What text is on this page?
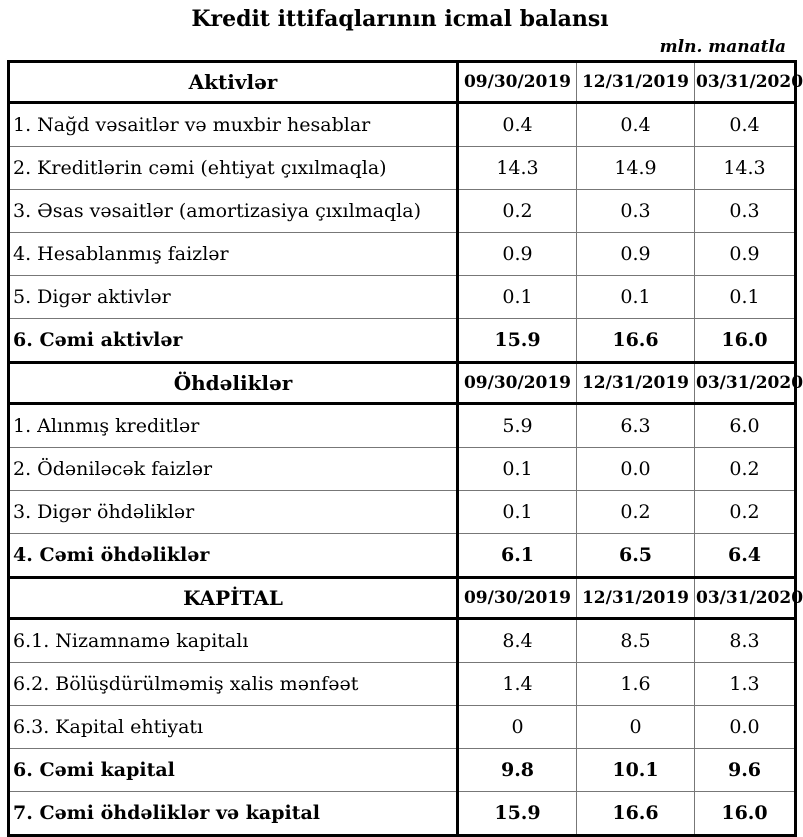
Kredit ittifaqlarının icmal balansı
mln. manatla
Aktivlər	09/30/2019	12/31/2019	03/31/2020
1. Nağd vəsaitlər və muxbir hesablar	0.4	0.4	0.4
2. Kreditlərin cəmi (ehtiyat çıxılmaqla)	14.3	14.9	14.3
3. Əsas vəsaitlər (amortizasiya çıxılmaqla)	0.2	0.3	0.3
4. Hesablanmış faizlər	0.9	0.9	0.9
5. Digər aktivlər	0.1	0.1	0.1
6. Cəmi aktivlər	15.9	16.6	16.0
Öhdəliklər	09/30/2019	12/31/2019	03/31/2020
1. Alınmış kreditlər	5.9	6.3	6.0
2. Ödəniləcək faizlər	0.1	0.0	0.2
3. Digər öhdəliklər	0.1	0.2	0.2
4. Cəmi öhdəliklər	6.1	6.5	6.4
KAPİTAL	09/30/2019	12/31/2019	03/31/2020
6.1. Nizamnamə kapitalı	8.4	8.5	8.3
6.2. Bölüşdürülməmiş xalis mənfəət	1.4	1.6	1.3
6.3. Kapital ehtiyatı	0	0	0.0
6. Cəmi kapital	9.8	10.1	9.6
7. Cəmi öhdəliklər və kapital	15.9	16.6	16.0
